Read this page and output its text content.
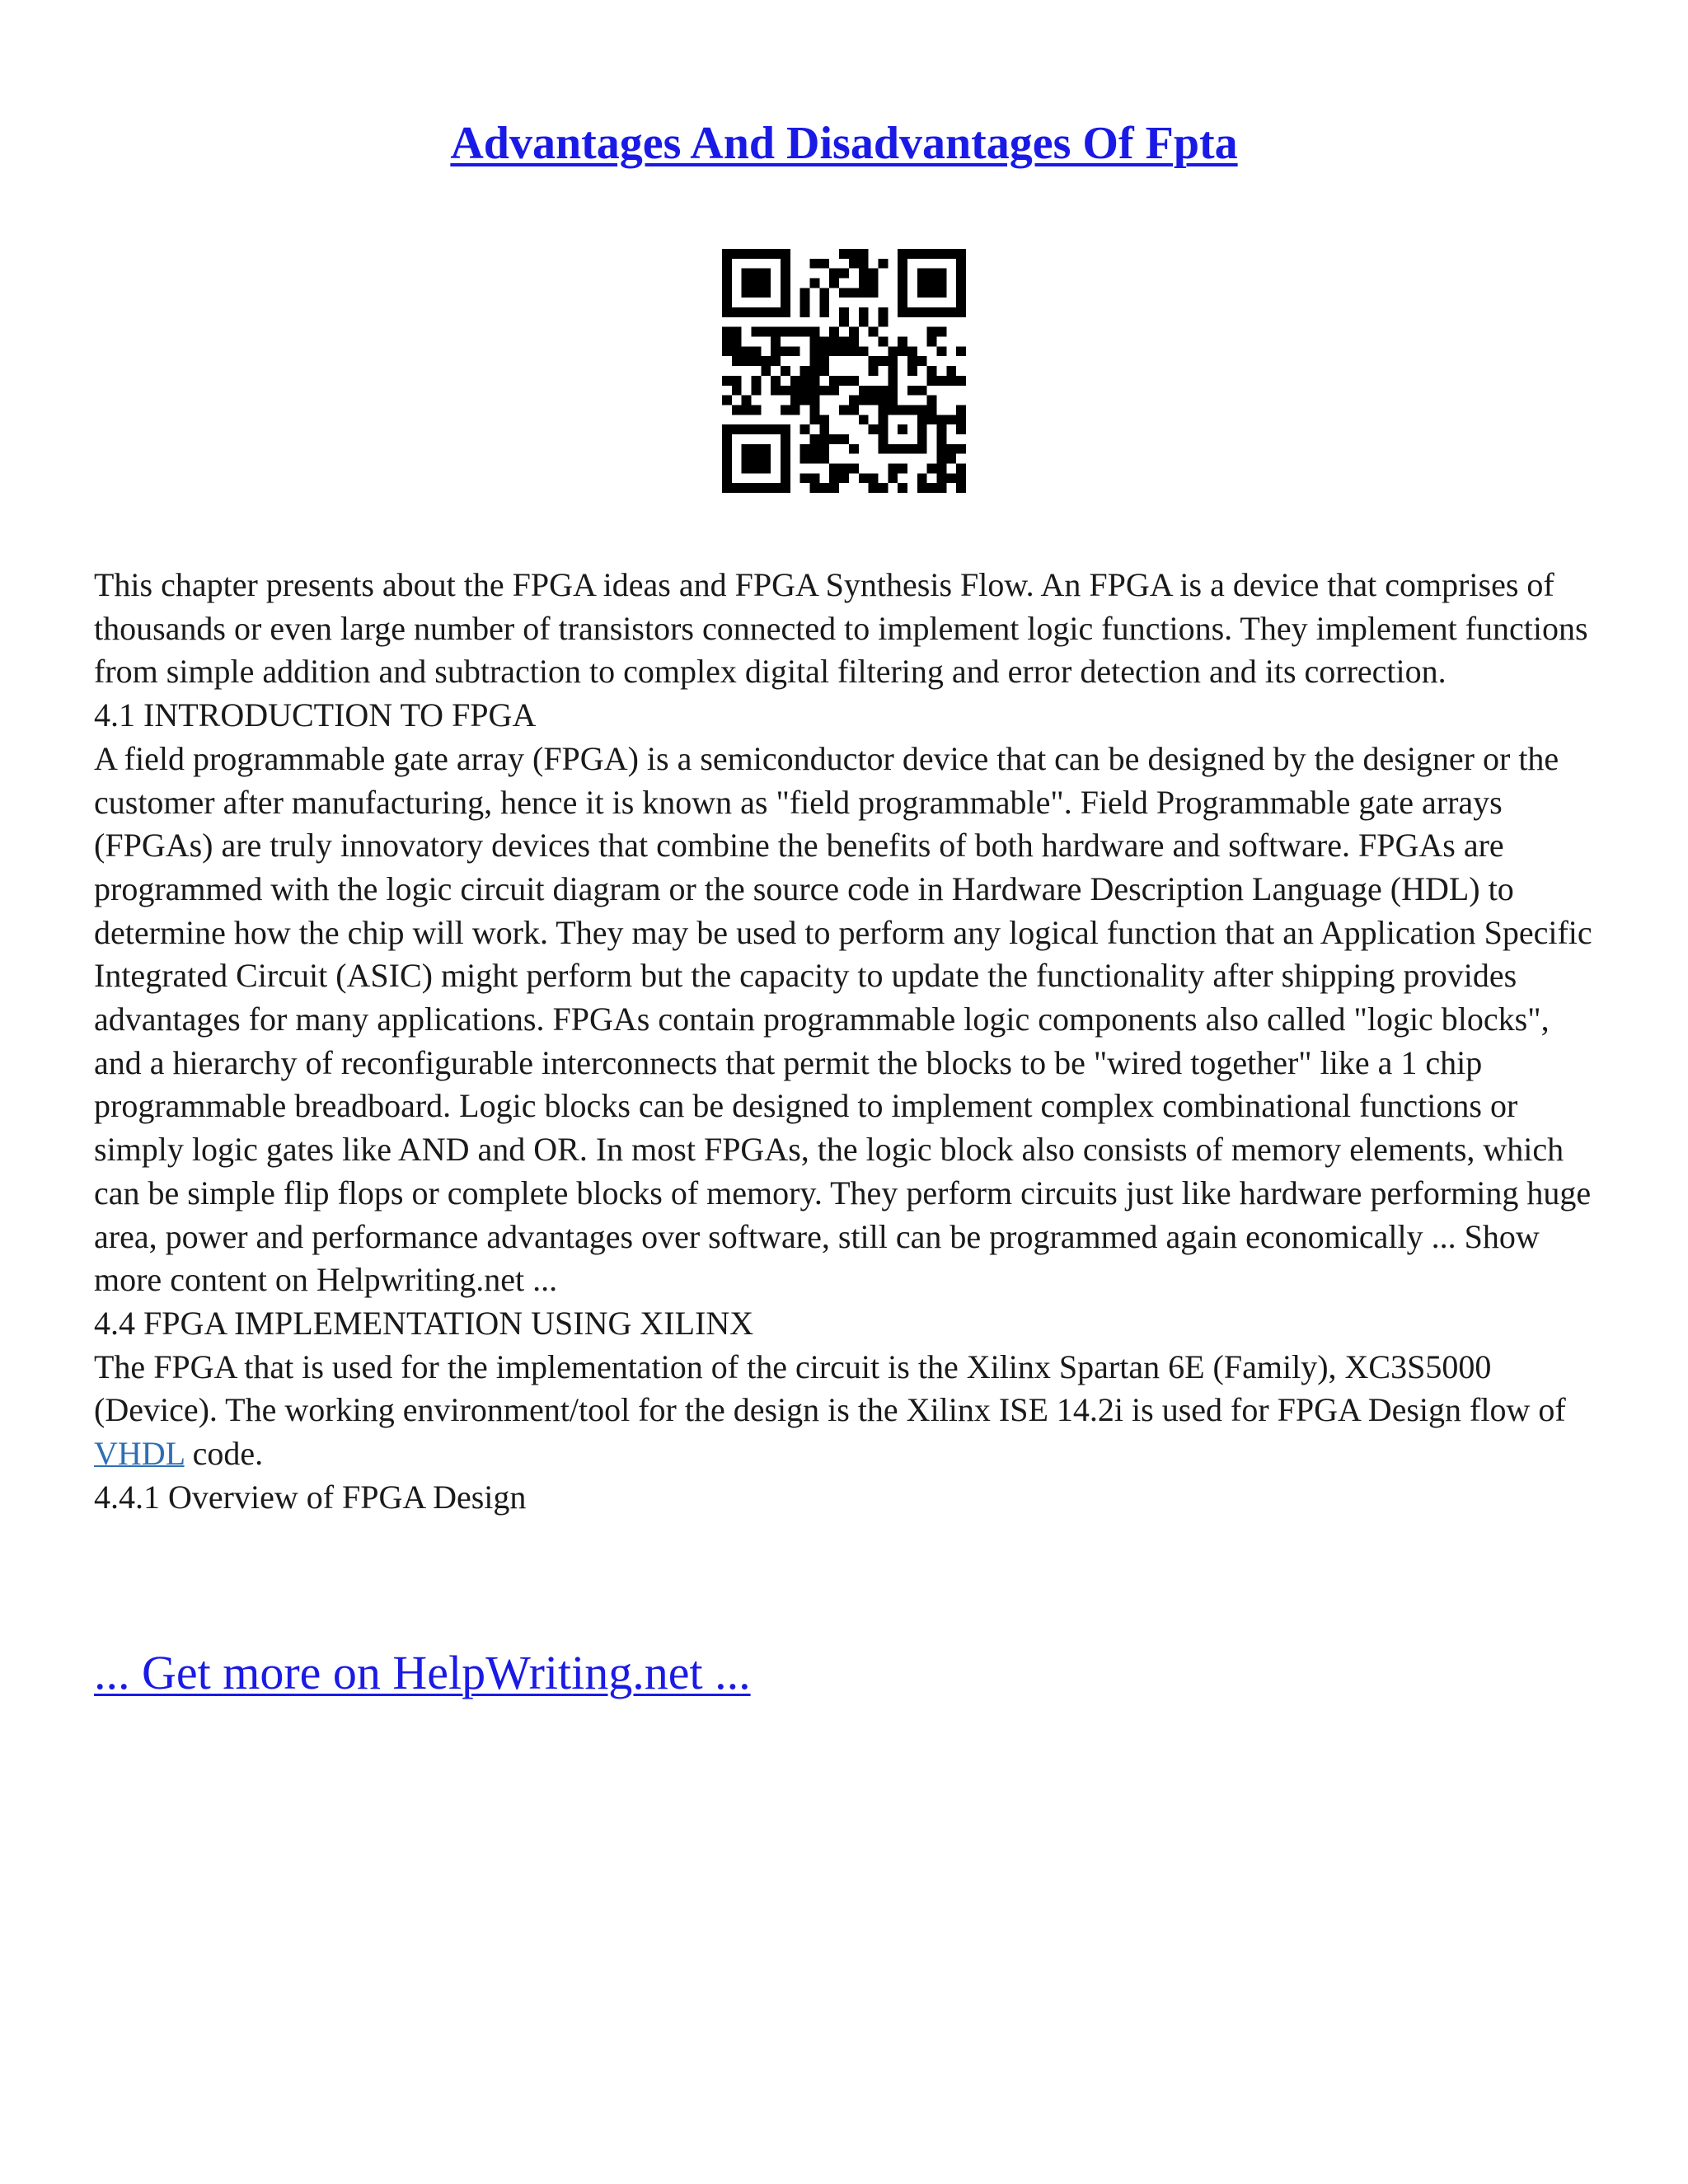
Advantages And Disadvantages Of Fpta

This chapter presents about the FPGA ideas and FPGA Synthesis Flow. An FPGA is a device that comprises of thousands or even large number of transistors connected to implement logic functions. They implement functions from simple addition and subtraction to complex digital filtering and error detection and its correction.

4.1 INTRODUCTION TO FPGA

A field programmable gate array (FPGA) is a semiconductor device that can be designed by the designer or the customer after manufacturing, hence it is known as "field programmable". Field Programmable gate arrays (FPGAs) are truly innovatory devices that combine the benefits of both hardware and software. FPGAs are programmed with the logic circuit diagram or the source code in Hardware Description Language (HDL) to determine how the chip will work. They may be used to perform any logical function that an Application Specific Integrated Circuit (ASIC) might perform but the capacity to update the functionality after shipping provides advantages for many applications. FPGAs contain programmable logic components also called "logic blocks", and a hierarchy of reconfigurable interconnects that permit the blocks to be "wired together" like a 1 chip programmable breadboard. Logic blocks can be designed to implement complex combinational functions or simply logic gates like AND and OR. In most FPGAs, the logic block also consists of memory elements, which can be simple flip flops or complete blocks of memory. They perform circuits just like hardware performing huge area, power and performance advantages over software, still can be programmed again economically ... Show more content on Helpwriting.net ...

4.4 FPGA IMPLEMENTATION USING XILINX

The FPGA that is used for the implementation of the circuit is the Xilinx Spartan 6E (Family), XC3S5000 (Device). The working environment/tool for the design is the Xilinx ISE 14.2i is used for FPGA Design flow of VHDL code.

4.4.1 Overview of FPGA Design

... Get more on HelpWriting.net ...
